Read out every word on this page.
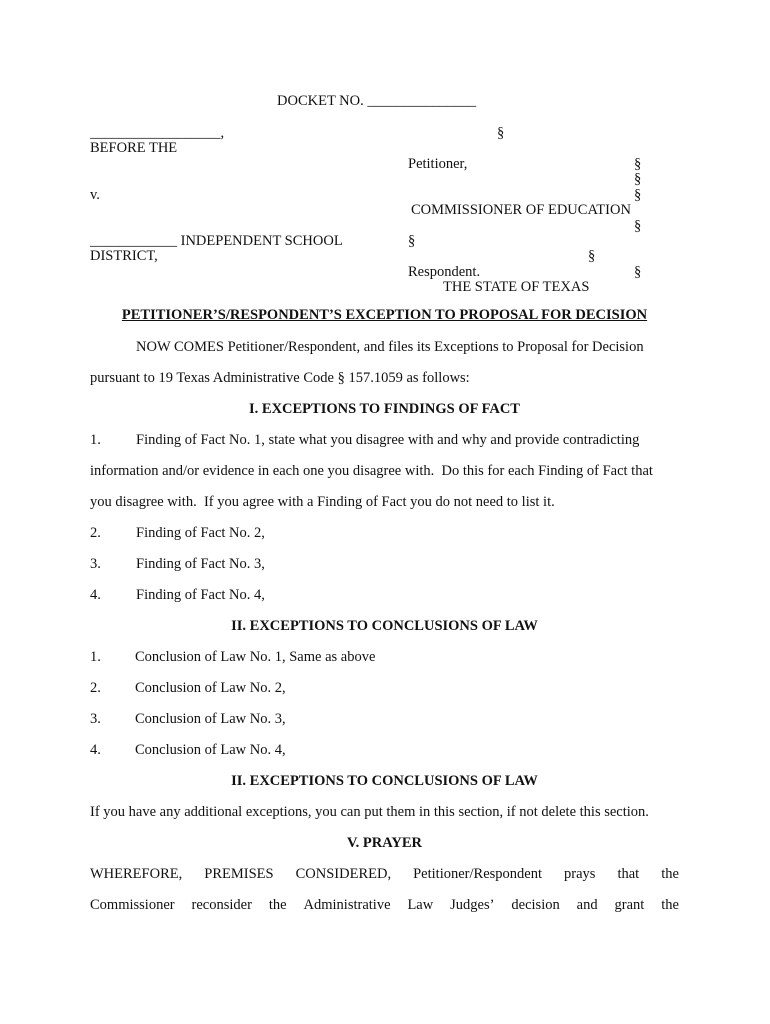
DOCKET NO. _______________
__________________,	§
BEFORE THE
Petitioner,	§
§
v.	§
COMMISSIONER OF EDUCATION
§
____________ INDEPENDENT SCHOOL	§
DISTRICT,	§
Respondent.	§
THE STATE OF TEXAS
PETITIONER’S/RESPONDENT’S EXCEPTION TO PROPOSAL FOR DECISION
NOW COMES Petitioner/Respondent, and files its Exceptions to Proposal for Decision
pursuant to 19 Texas Administrative Code § 157.1059 as follows:
I. EXCEPTIONS TO FINDINGS OF FACT
1. Finding of Fact No. 1, state what you disagree with and why and provide contradicting
information and/or evidence in each one you disagree with.  Do this for each Finding of Fact that
you disagree with.  If you agree with a Finding of Fact you do not need to list it.
2. Finding of Fact No. 2,
3. Finding of Fact No. 3,
4. Finding of Fact No. 4,
II. EXCEPTIONS TO CONCLUSIONS OF LAW
1. Conclusion of Law No. 1, Same as above
2. Conclusion of Law No. 2,
3. Conclusion of Law No. 3,
4. Conclusion of Law No. 4,
II. EXCEPTIONS TO CONCLUSIONS OF LAW
If you have any additional exceptions, you can put them in this section, if not delete this section.
V. PRAYER
WHEREFORE, PREMISES CONSIDERED, Petitioner/Respondent prays that the
Commissioner reconsider the Administrative Law Judges’ decision and grant the
